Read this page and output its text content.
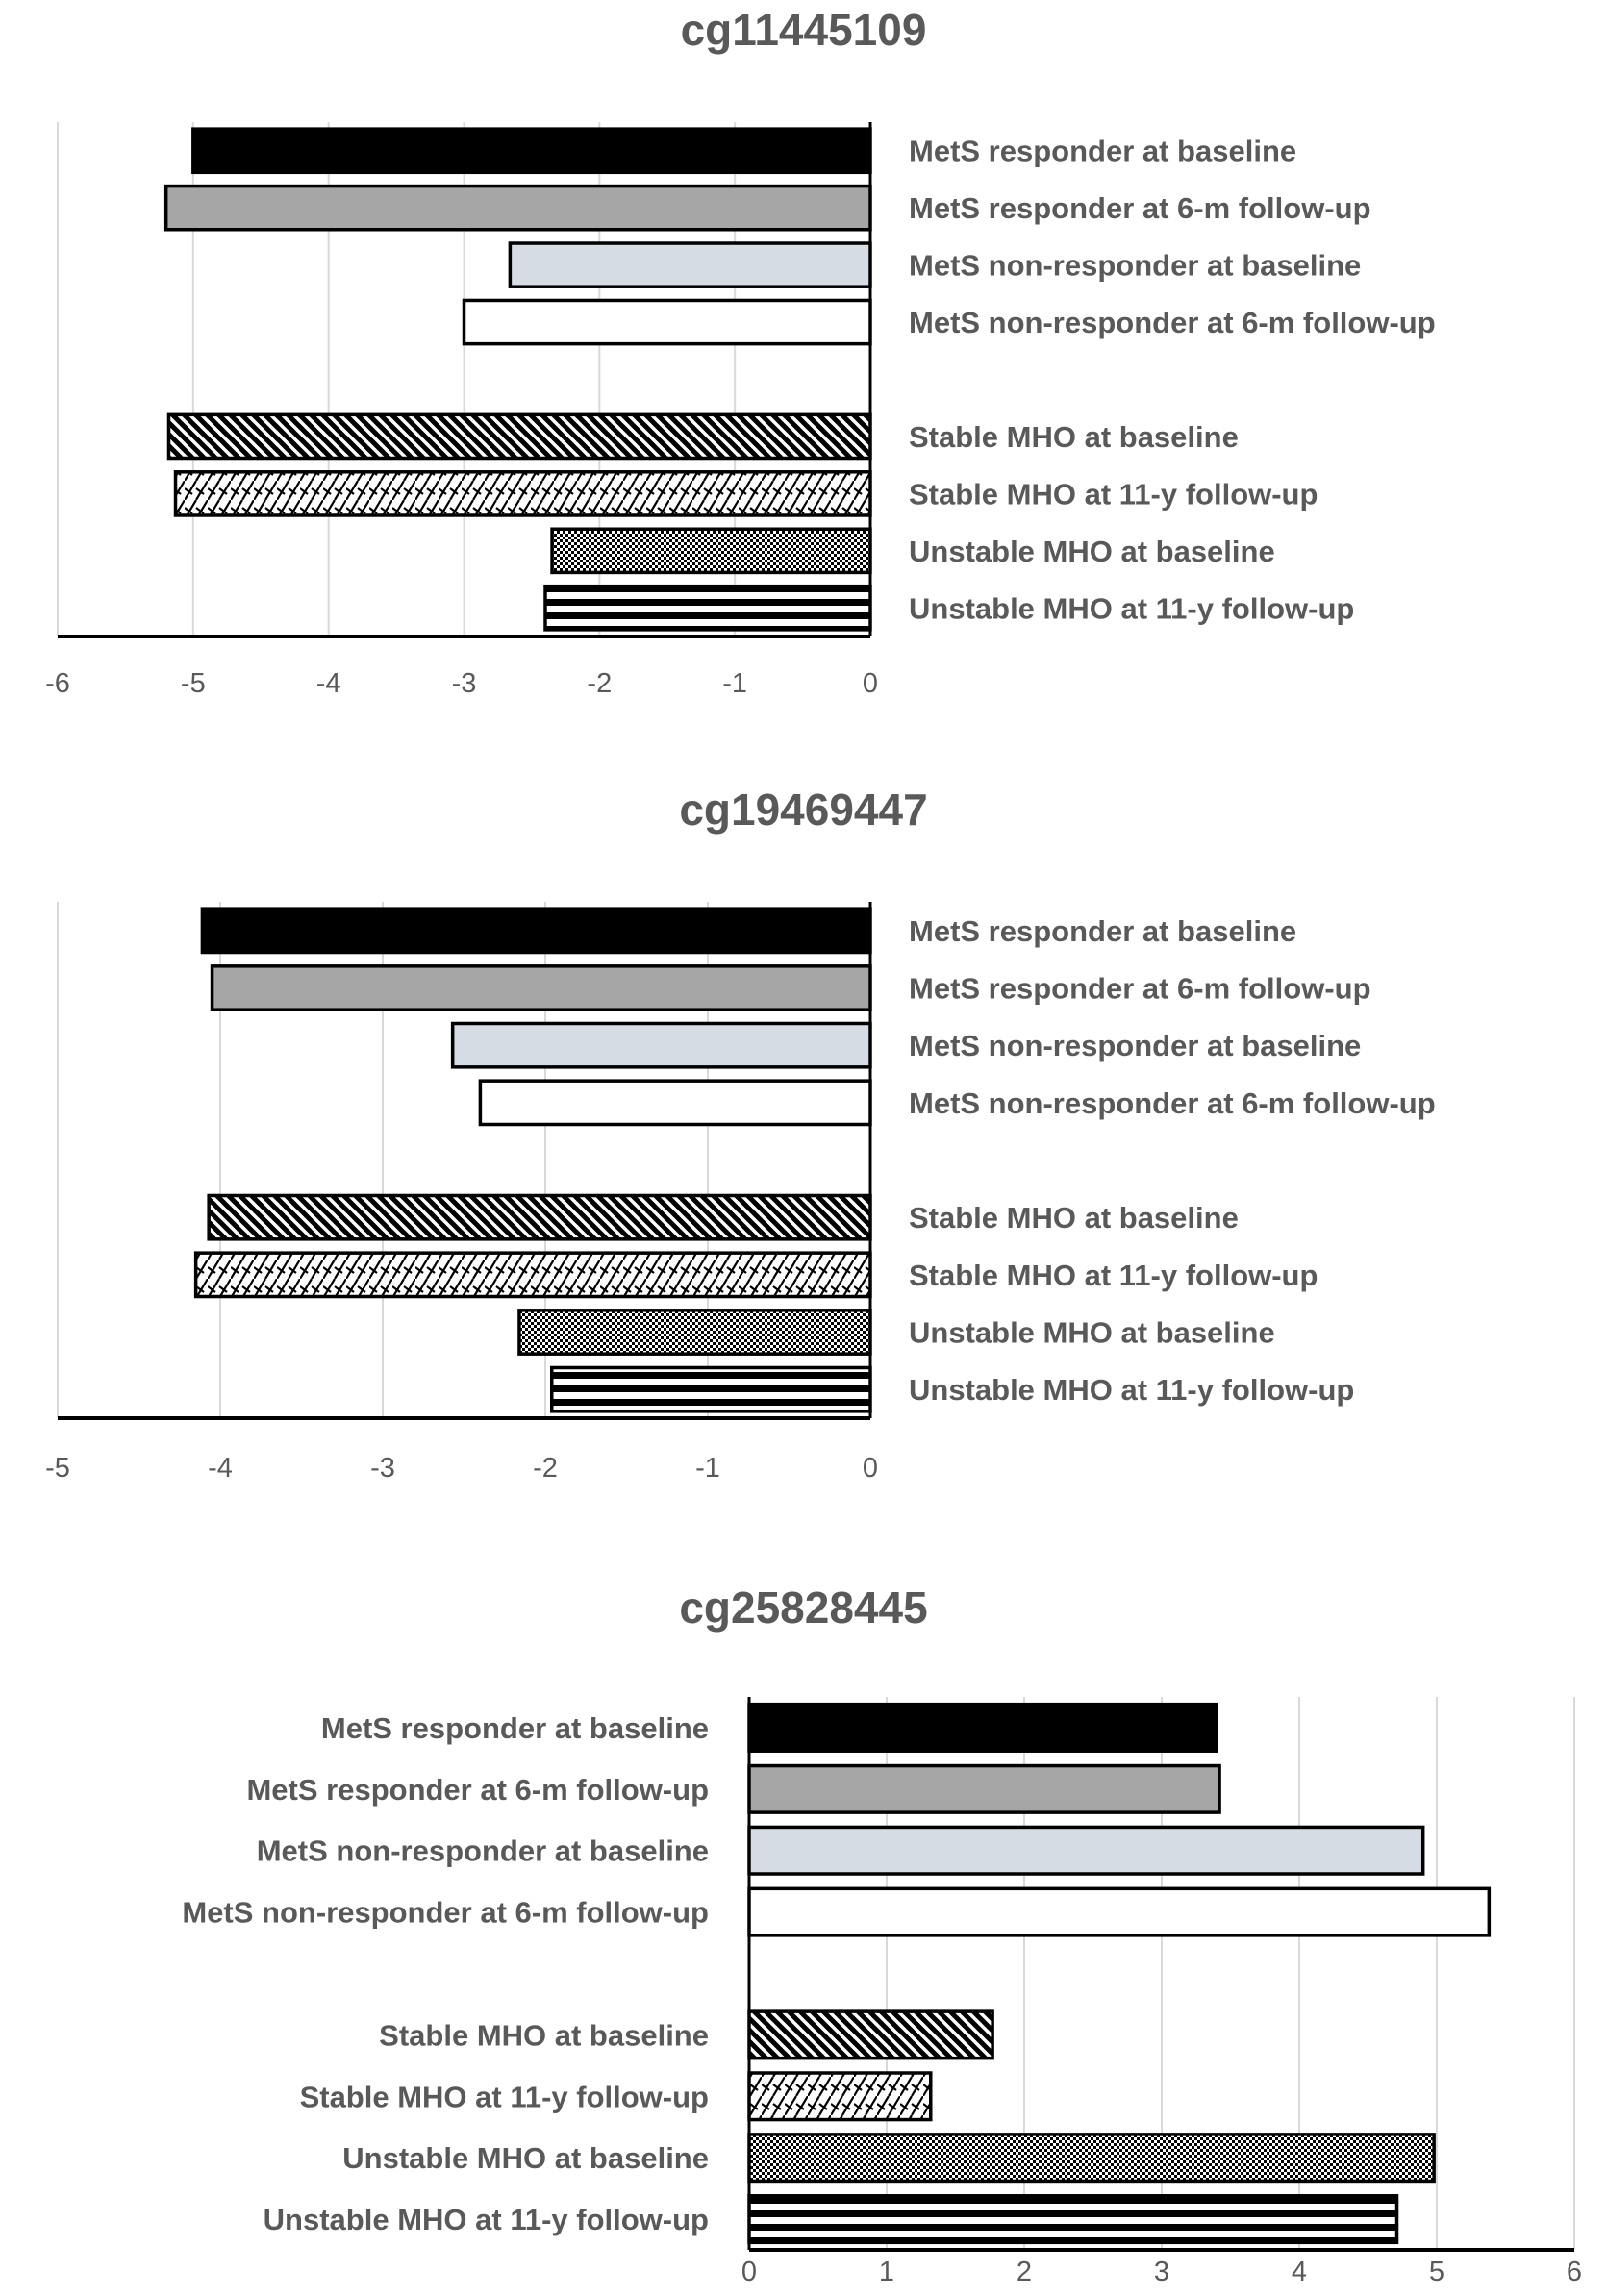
cg11445109
-6	-5	-4	-3	-2	-1	0
MetS responder at baseline
MetS responder at 6-m follow-up
MetS non-responder at baseline
MetS non-responder at 6-m follow-up
Stable MHO at baseline
Stable MHO at 11-y follow-up
Unstable MHO at baseline
Unstable MHO at 11-y follow-up
cg19469447
-5	-4	-3	-2	-1	0
MetS responder at baseline
MetS responder at 6-m follow-up
MetS non-responder at baseline
MetS non-responder at 6-m follow-up
Stable MHO at baseline
Stable MHO at 11-y follow-up
Unstable MHO at baseline
Unstable MHO at 11-y follow-up
cg25828445
0	1	2	3	4	5	6
MetS responder at baseline
MetS responder at 6-m follow-up
MetS non-responder at baseline
MetS non-responder at 6-m follow-up
Stable MHO at baseline
Stable MHO at 11-y follow-up
Unstable MHO at baseline
Unstable MHO at 11-y follow-up
